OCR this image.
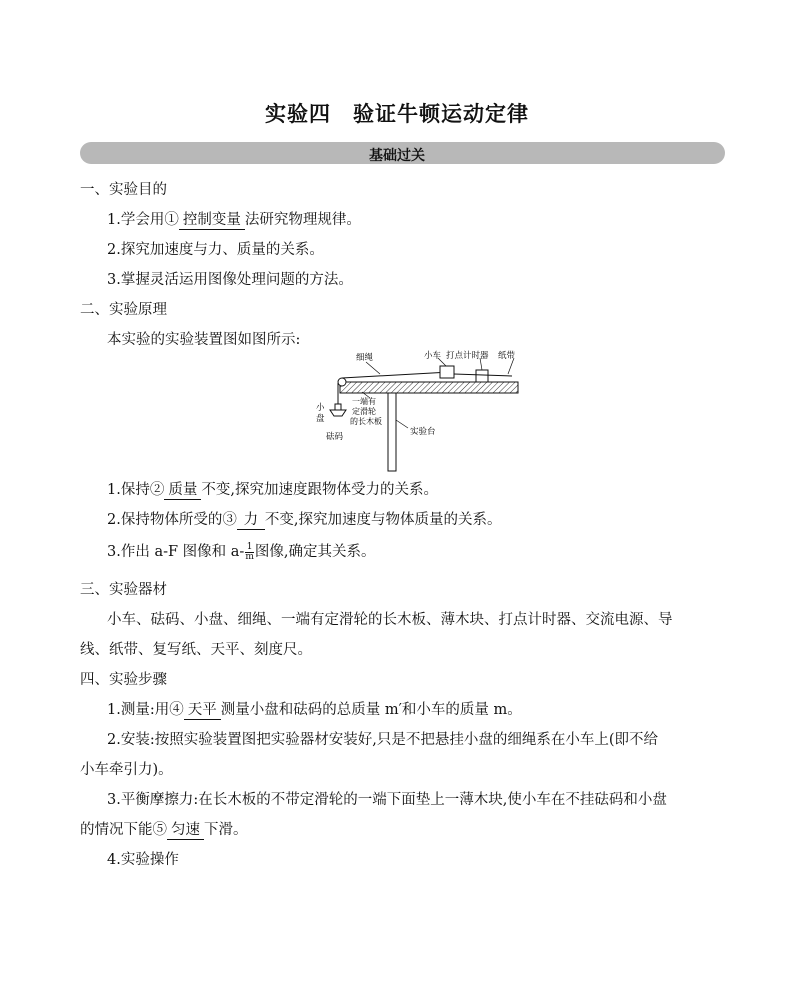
实验四　验证牛顿运动定律
基础过关
一、实验目的
1.学会用① 控制变量 法研究物理规律。
2.探究加速度与力、质量的关系。
3.掌握灵活运用图像处理问题的方法。
二、实验原理
本实验的实验装置图如图所示:
细绳	小车 打点计时器 纸带
小
盘
砝码
一端有
定滑轮
的长木板
实验台
1.保持② 质量 不变,探究加速度跟物体受力的关系。
2.保持物体所受的③ 力 不变,探究加速度与物体质量的关系。
3.作出 a-F 图像和 $a- \frac{1}{m}$ 图像,确定其关系。
三、实验器材
小车、砝码、小盘、细绳、一端有定滑轮的长木板、薄木块、打点计时器、交流电源、导
线、纸带、复写纸、天平、刻度尺。
四、实验步骤
1.测量:用④ 天平 测量小盘和砝码的总质量 m′和小车的质量 m。
2.安装:按照实验装置图把实验器材安装好,只是不把悬挂小盘的细绳系在小车上(即不给
小车牵引力)。
3.平衡摩擦力:在长木板的不带定滑轮的一端下面垫上一薄木块,使小车在不挂砝码和小盘
的情况下能⑤ 匀速 下滑。
4.实验操作
